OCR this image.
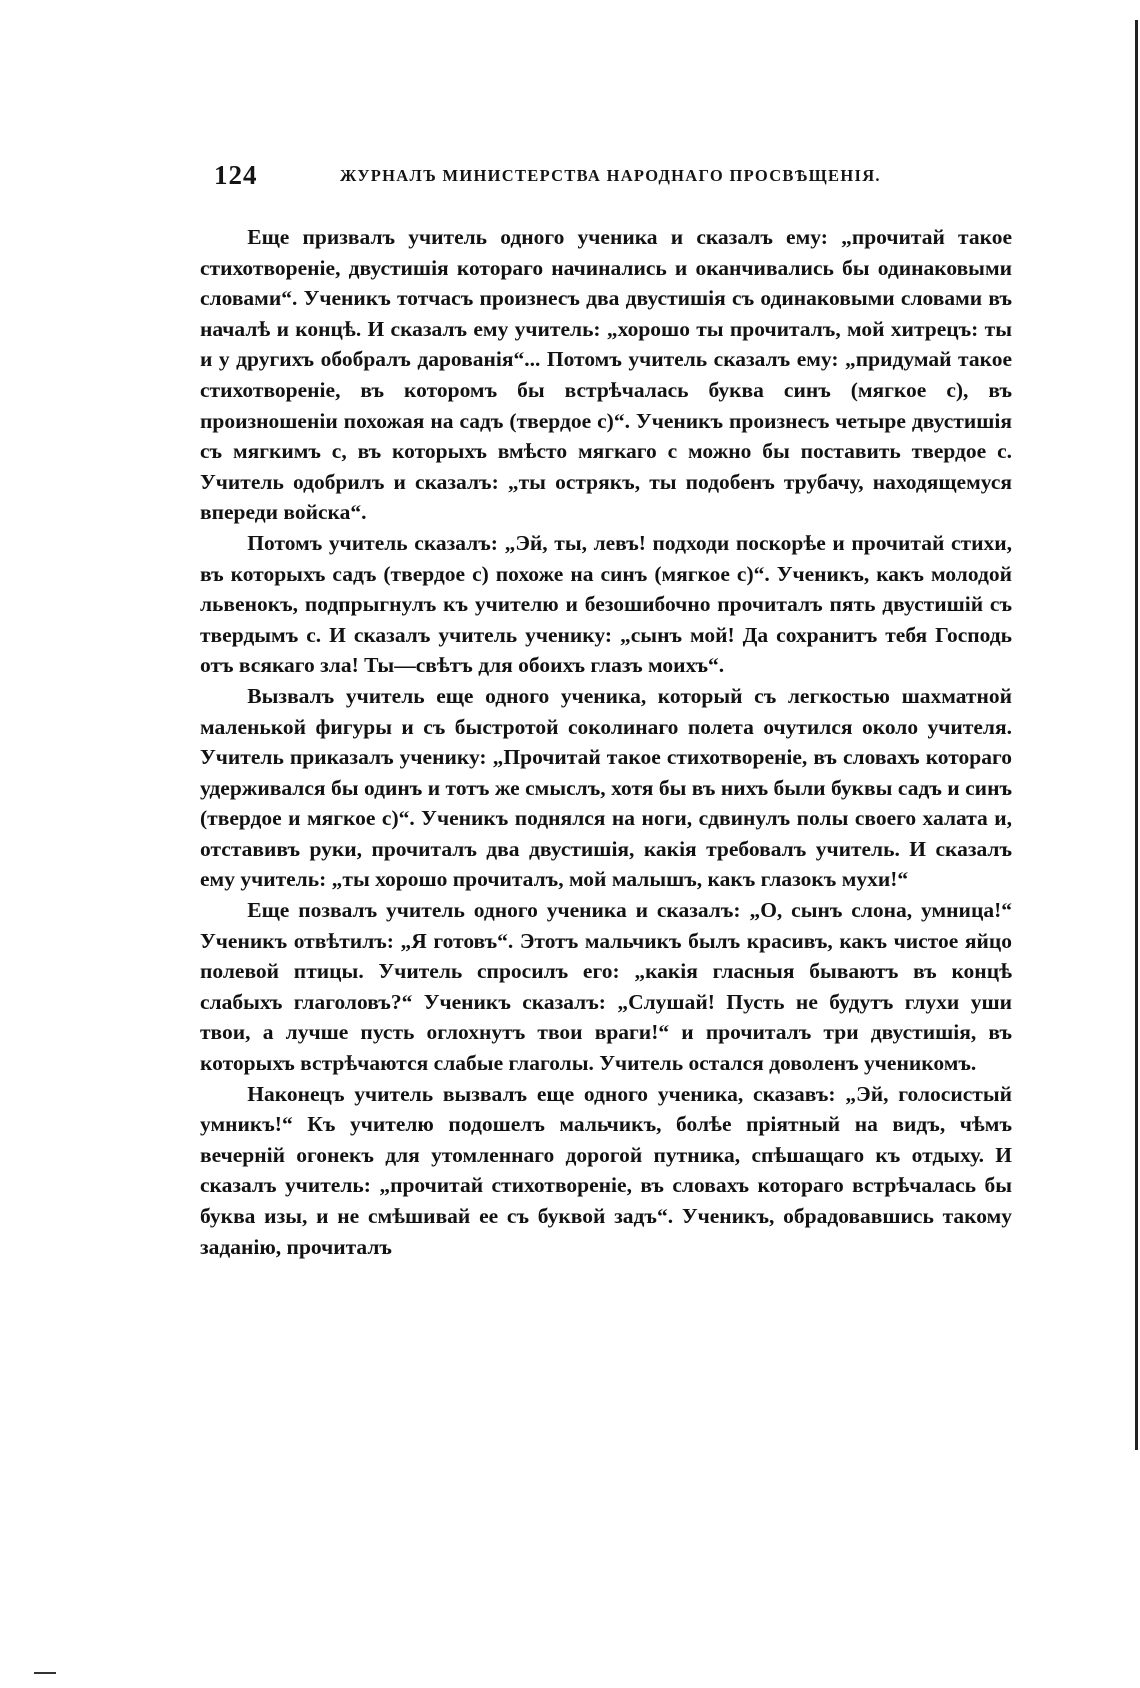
124	ЖУРНАЛЪ МИНИСТЕРСТВА НАРОДНАГО ПРОСВѢЩЕНІЯ.

Еще призвалъ учитель одного ученика и сказалъ ему: „прочитай такое стихотвореніе, двустишія котораго начинались и оканчивались бы одинаковыми словами“. Ученикъ тотчасъ произнесъ два двустишія съ одинаковыми словами въ началѣ и концѣ. И сказалъ ему учитель: „хорошо ты прочиталъ, мой хитрецъ: ты и у другихъ обобралъ дарованія“... Потомъ учитель сказалъ ему: „придумай такое стихотвореніе, въ которомъ бы встрѣчалась буква синъ (мягкое с), въ произношеніи похожая на садъ (твердое с)“. Ученикъ произнесъ четыре двустишія съ мягкимъ с, въ которыхъ вмѣсто мягкаго с можно бы поставить твердое с. Учитель одобрилъ и сказалъ: „ты острякъ, ты подобенъ трубачу, находящемуся впереди войска“.

Потомъ учитель сказалъ: „Эй, ты, левъ! подходи поскорѣе и прочитай стихи, въ которыхъ садъ (твердое с) похоже на синъ (мягкое с)“. Ученикъ, какъ молодой львенокъ, подпрыгнулъ къ учителю и безошибочно прочиталъ пять двустишій съ твердымъ с. И сказалъ учитель ученику: „сынъ мой! Да сохранитъ тебя Господь отъ всякаго зла! Ты—свѣтъ для обоихъ глазъ моихъ“.

Вызвалъ учитель еще одного ученика, который съ легкостью шахматной маленькой фигуры и съ быстротой соколинаго полета очутился около учителя. Учитель приказалъ ученику: „Прочитай такое стихотвореніе, въ словахъ котораго удерживался бы одинъ и тотъ же смыслъ, хотя бы въ нихъ были буквы садъ и синъ (твердое и мягкое с)“. Ученикъ поднялся на ноги, сдвинулъ полы своего халата и, отставивъ руки, прочиталъ два двустишія, какія требовалъ учитель. И сказалъ ему учитель: „ты хорошо прочиталъ, мой малышъ, какъ глазокъ мухи!“

Еще позвалъ учитель одного ученика и сказалъ: „О, сынъ слона, умница!“ Ученикъ отвѣтилъ: „Я готовъ“. Этотъ мальчикъ былъ красивъ, какъ чистое яйцо полевой птицы. Учитель спросилъ его: „какія гласныя бываютъ въ концѣ слабыхъ глаголовъ?“ Ученикъ сказалъ: „Слушай! Пусть не будутъ глухи уши твои, а лучше пусть оглохнутъ твои враги!“ и прочиталъ три двустишія, въ которыхъ встрѣчаются слабые глаголы. Учитель остался доволенъ ученикомъ.

Наконецъ учитель вызвалъ еще одного ученика, сказавъ: „Эй, голосистый умникъ!“ Къ учителю подошелъ мальчикъ, болѣе пріятный на видъ, чѣмъ вечерній огонекъ для утомленнаго дорогой путника, спѣшащаго къ отдыху. И сказалъ учитель: „прочитай стихотвореніе, въ словахъ котораго встрѣчалась бы буква изы, и не смѣшивай ее съ буквой задъ“. Ученикъ, обрадовавшись такому заданію, прочиталъ
